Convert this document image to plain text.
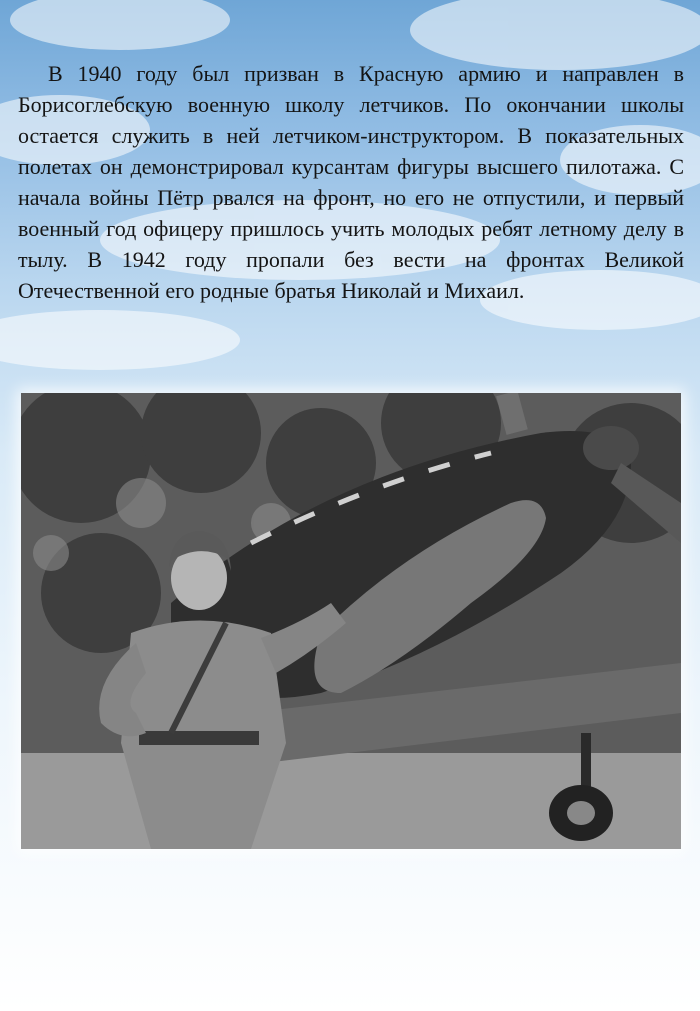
В 1940 году был призван в Красную армию и направлен в Борисоглебскую военную школу летчиков. По окончании школы остается служить в ней летчиком-инструктором. В показательных полетах он демонстрировал курсантам фигуры высшего пилотажа. С начала войны Пётр рвался на фронт, но его не отпустили, и первый военный год офицеру пришлось учить молодых ребят летному делу в тылу. В 1942 году пропали без вести на фронтах Великой Отечественной его родные братья Николай и Михаил.
